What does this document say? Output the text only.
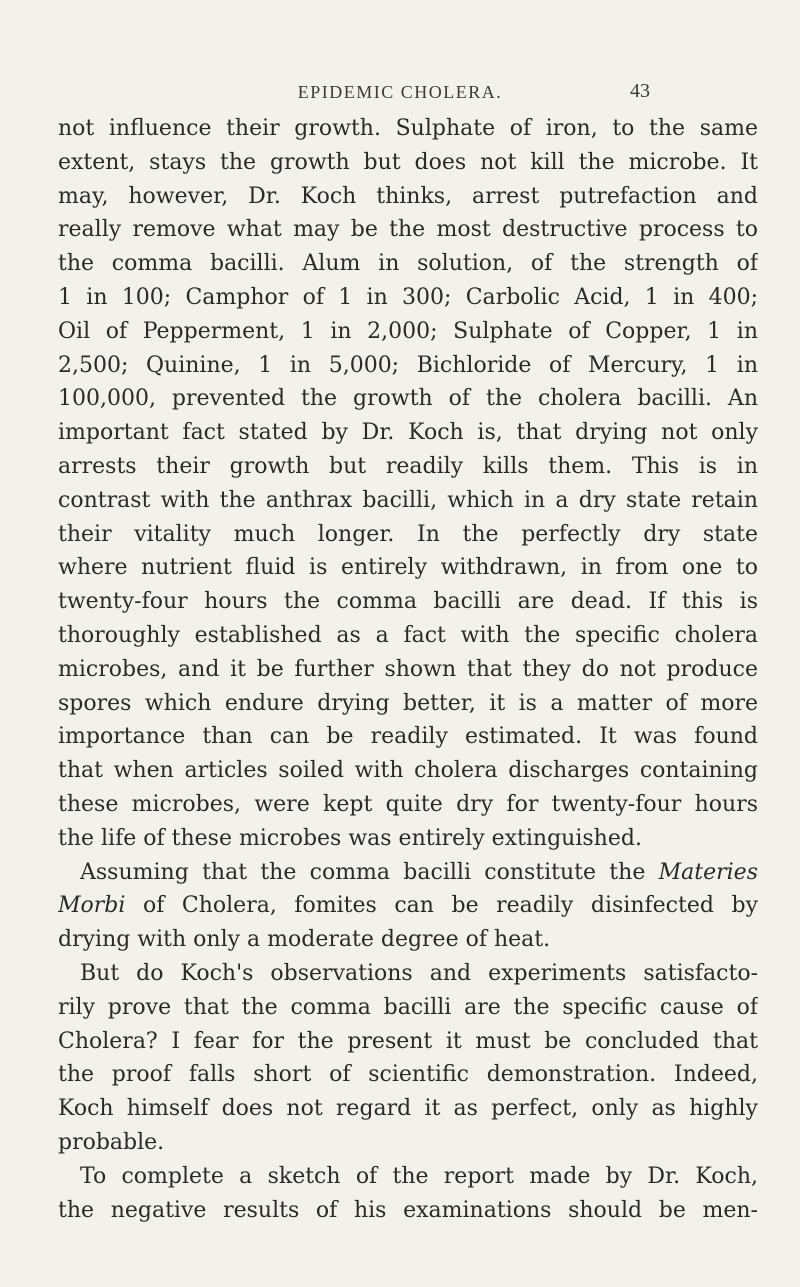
EPIDEMIC CHOLERA.	43
not influence their growth. Sulphate of iron, to the same
extent, stays the growth but does not kill the microbe. It
may, however, Dr. Koch thinks, arrest putrefaction and
really remove what may be the most destructive process to
the comma bacilli. Alum in solution, of the strength of
1 in 100; Camphor of 1 in 300; Carbolic Acid, 1 in 400;
Oil of Pepperment, 1 in 2,000; Sulphate of Copper, 1 in
2,500; Quinine, 1 in 5,000; Bichloride of Mercury, 1 in
100,000, prevented the growth of the cholera bacilli. An
important fact stated by Dr. Koch is, that drying not only
arrests their growth but readily kills them. This is in
contrast with the anthrax bacilli, which in a dry state retain
their vitality much longer. In the perfectly dry state
where nutrient fluid is entirely withdrawn, in from one to
twenty-four hours the comma bacilli are dead. If this is
thoroughly established as a fact with the specific cholera
microbes, and it be further shown that they do not produce
spores which endure drying better, it is a matter of more
importance than can be readily estimated. It was found
that when articles soiled with cholera discharges containing
these microbes, were kept quite dry for twenty-four hours
the life of these microbes was entirely extinguished.
Assuming that the comma bacilli constitute the Materies
Morbi of Cholera, fomites can be readily disinfected by
drying with only a moderate degree of heat.
But do Koch's observations and experiments satisfacto-
rily prove that the comma bacilli are the specific cause of
Cholera? I fear for the present it must be concluded that
the proof falls short of scientific demonstration. Indeed,
Koch himself does not regard it as perfect, only as highly
probable.
To complete a sketch of the report made by Dr. Koch,
the negative results of his examinations should be men-
